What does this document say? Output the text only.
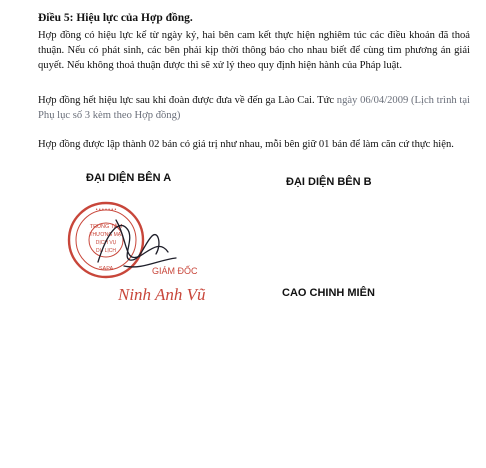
Điều 5: Hiệu lực của Hợp đồng.

Hợp đồng có hiệu lực kể từ ngày ký, hai bên cam kết thực hiện nghiêm túc các điều khoản đã thoả thuận. Nếu có phát sinh, các bên phải kịp thời thông báo cho nhau biết để cùng tìm phương án giải quyết. Nếu không thoả thuận được thì sẽ xử lý theo quy định hiện hành của Pháp luật.

Hợp đồng hết hiệu lực sau khi đoàn được đưa về đến ga Lào Cai. Tức ngày 06/04/2009 (Lịch trình tại Phụ lục số 3 kèm theo Hợp đồng)

Hợp đồng được lập thành 02 bản có giá trị như nhau, mỗi bên giữ 01 bản để làm căn cứ thực hiện.

ĐẠI DIỆN BÊN A	ĐẠI DIỆN BÊN B
• • • • • • •
TRUNG TÂM
THƯƠNG MẠI
DỊCH VỤ
DU LỊCH
SAPA	GIÁM ĐỐC
Ninh Anh Vũ	CAO CHINH MIÊN
